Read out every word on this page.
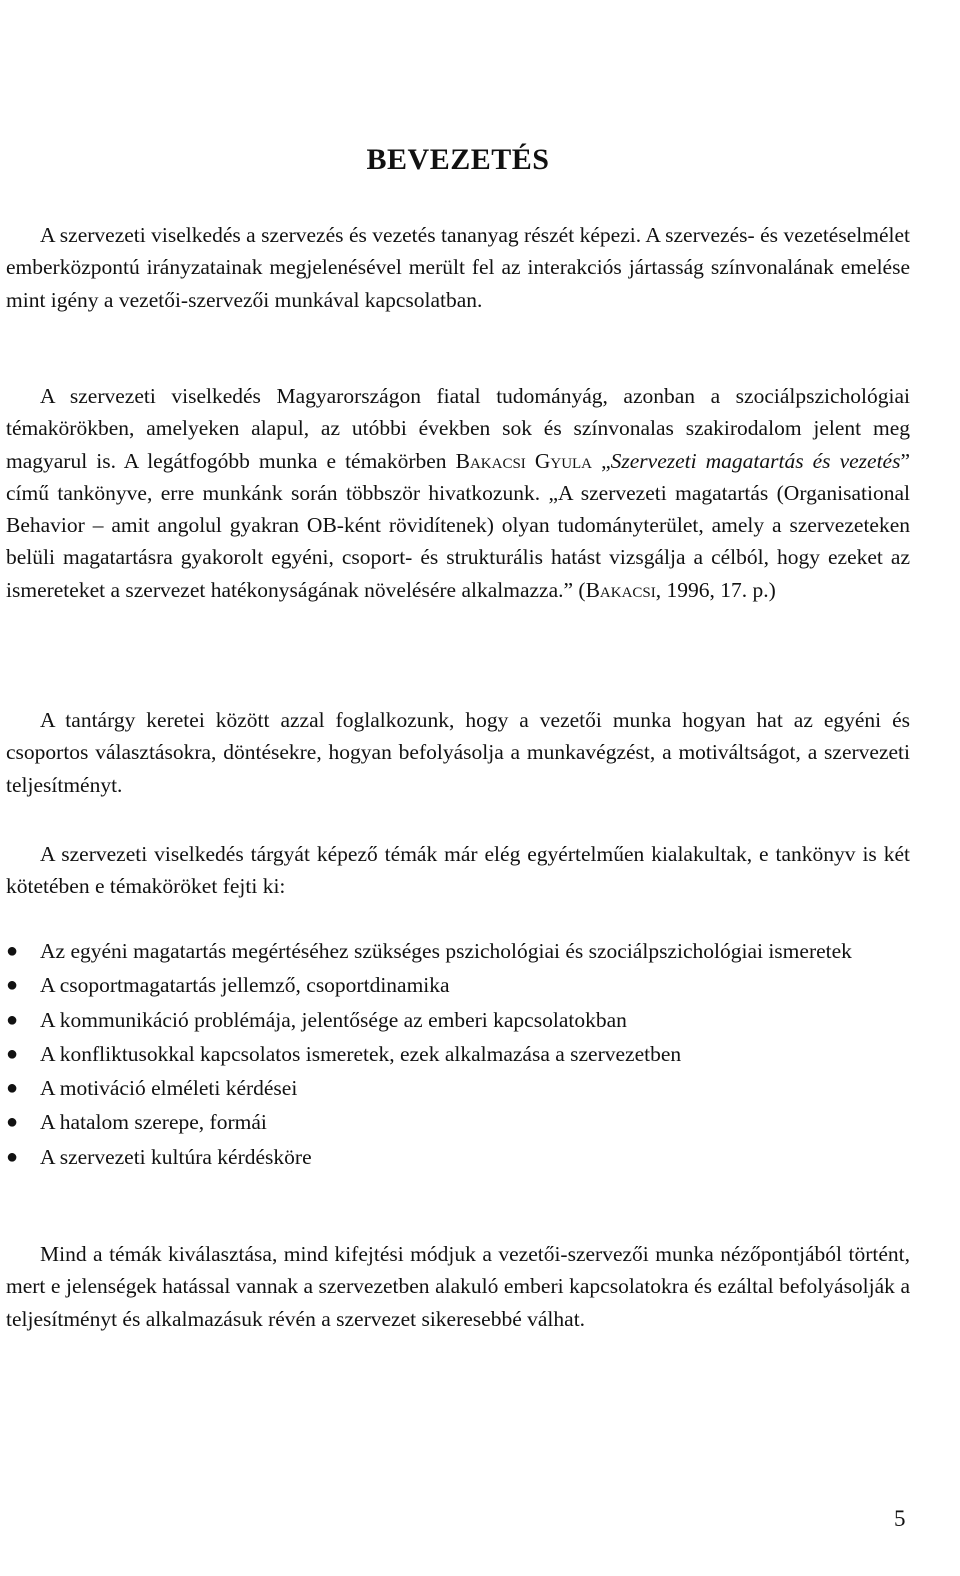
BEVEZETÉS

A szervezeti viselkedés a szervezés és vezetés tananyag részét képezi. A szervezés- és vezetéselmélet emberközpontú irányzatainak megjelenésével merült fel az interakciós jártasság színvonalának emelése mint igény a vezetői-szervezői munkával kapcsolatban.

A szervezeti viselkedés Magyarországon fiatal tudományág, azonban a szociálpszichológiai témakörökben, amelyeken alapul, az utóbbi években sok és színvonalas szakirodalom jelent meg magyarul is. A legátfogóbb munka e témakörben Bakacsi Gyula „Szervezeti magatartás és vezetés” című tankönyve, erre munkánk során többször hivatkozunk. „A szervezeti magatartás (Organisational Behavior – amit angolul gyakran OB-ként rövidítenek) olyan tudományterület, amely a szervezeteken belüli magatartásra gyakorolt egyéni, csoport- és strukturális hatást vizsgálja a célból, hogy ezeket az ismereteket a szervezet hatékonyságának növelésére alkalmazza.” (Bakacsi, 1996, 17. p.)

A tantárgy keretei között azzal foglalkozunk, hogy a vezetői munka hogyan hat az egyéni és csoportos választásokra, döntésekre, hogyan befolyásolja a munkavégzést, a motiváltságot, a szervezeti teljesítményt.

A szervezeti viselkedés tárgyát képező témák már elég egyértelműen kialakultak, e tankönyv is két kötetében e témaköröket fejti ki:

●	Az egyéni magatartás megértéséhez szükséges pszichológiai és szociálpszichológiai ismeretek
●	A csoportmagatartás jellemző, csoportdinamika
●	A kommunikáció problémája, jelentősége az emberi kapcsolatokban
●	A konfliktusokkal kapcsolatos ismeretek, ezek alkalmazása a szervezetben
●	A motiváció elméleti kérdései
●	A hatalom szerepe, formái
●	A szervezeti kultúra kérdésköre

Mind a témák kiválasztása, mind kifejtési módjuk a vezetői-szervezői munka nézőpontjából történt, mert e jelenségek hatással vannak a szervezetben alakuló emberi kapcsolatokra és ezáltal befolyásolják a teljesítményt és alkalmazásuk révén a szervezet sikeresebbé válhat.

5
